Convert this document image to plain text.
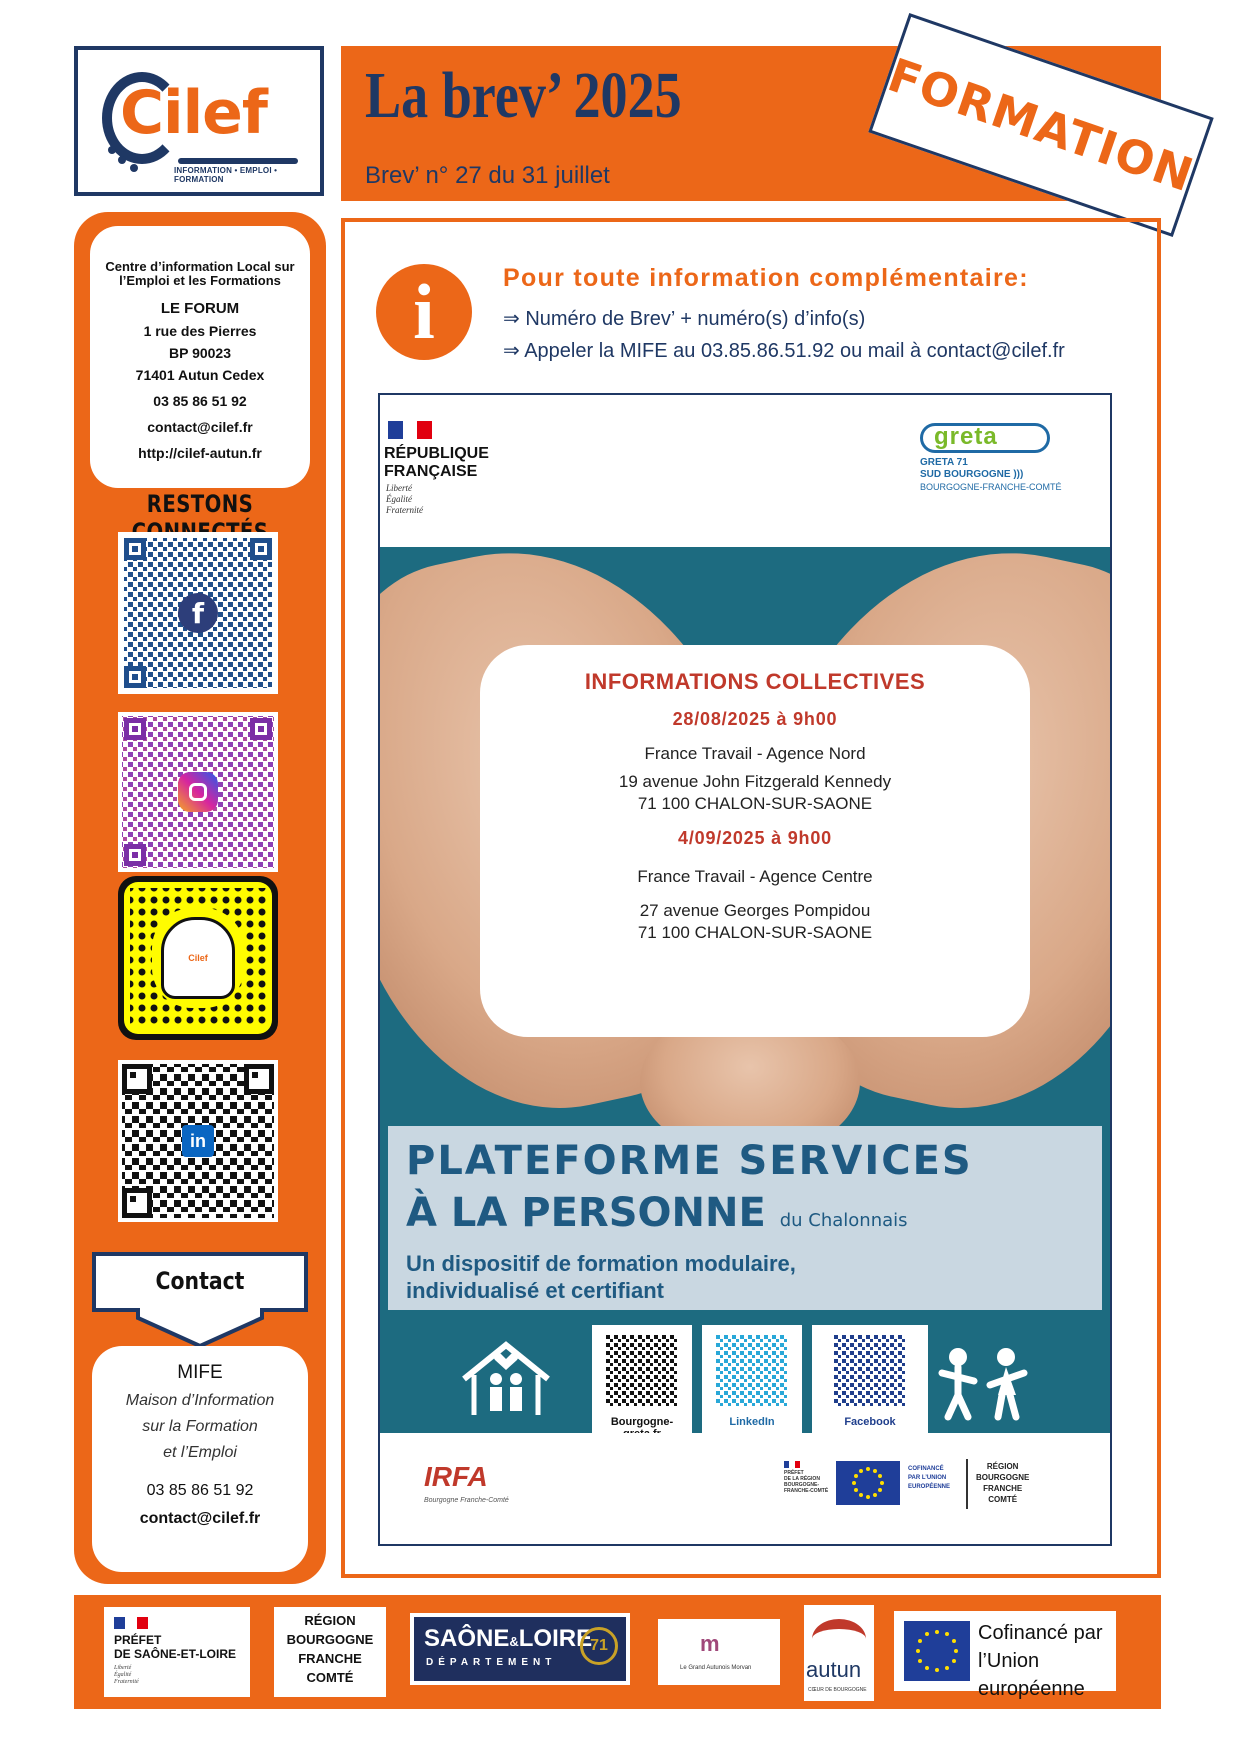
Cilef
INFORMATION • EMPLOI • FORMATION
La brev’ 2025
Brev’ n° 27 du 31 juillet	FORMATION
Centre d’information Local sur
l’Emploi et les Formations
LE FORUM
1 rue des Pierres
BP 90023
71401 Autun Cedex
03 85 86 51 92
contact@cilef.fr
http://cilef-autun.fr
RESTONS
f
Cilef
in
Contact
MIFE
Maison d’Information
sur la Formation
et l’Emploi
03 85 86 51 92
contact@cilef.fr
i	Pour toute information complémentaire:
⇒ Numéro de Brev’ + numéro(s) d’info(s)
⇒ Appeler la MIFE au 03.85.86.51.92 ou mail à contact@cilef.fr
RÉPUBLIQUE
FRANÇAISE
Liberté
Égalité
Fraternité
greta
GRETA 71
SUD BOURGOGNE )))
BOURGOGNE-FRANCHE-COMTÉ
INFORMATIONS COLLECTIVES
28/08/2025 à 9h00
France Travail - Agence Nord
19 avenue John Fitzgerald Kennedy
71 100 CHALON-SUR-SAONE
4/09/2025 à 9h00
France Travail - Agence Centre
27 avenue Georges Pompidou
71 100 CHALON-SUR-SAONE
PLATEFORME SERVICES
À LA PERSONNE du Chalonnais
Un dispositif de formation modulaire,
individualisé et certifiant
Bourgogne-	LinkedIn	Facebook
IRFA
Bourgogne Franche-Comté
PRÉFET
DE LA RÉGION
BOURGOGNE-
FRANCHE-COMTÉ
COFINANCÉ
PAR L’UNION
EUROPÉENNE
RÉGION
BOURGOGNE
FRANCHE
COMTÉ
PRÉFET
DE SAÔNE-ET-LOIRE
Liberté
Égalité
Fraternité
RÉGION
BOURGOGNE
FRANCHE
COMTÉ
SAÔNE&LOIRE
DÉPARTEMENT
71	m
Le Grand Autunois Morvan autun
CŒUR DE BOURGOGNE
Cofinancé par
l’Union européenne
